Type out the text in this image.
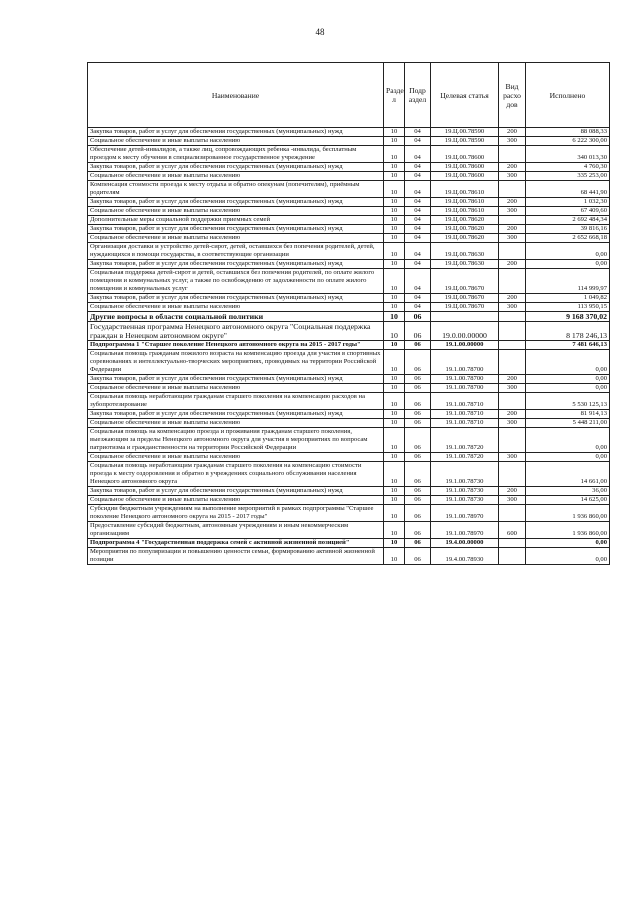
48
Наименование	Разде л	Подр аздел	Целевая статья	Вид расхо дов	Исполнено
Закупка товаров, работ и услуг для обеспечения государственных (муниципальных) нужд	10	04	19.Ц.00.78590	200	88 088,33
Социальное обеспечение и иные выплаты населению	10	04	19.Ц.00.78590	300	6 222 300,00
Обеспечение детей-инвалидов, а также лиц, сопровождающих ребенка -инвалида, бесплатным проездом к месту обучения в специализированное государственное учреждение	10	04	19.Ц.00.78600		340 013,30
Закупка товаров, работ и услуг для обеспечения государственных (муниципальных) нужд	10	04	19.Ц.00.78600	200	4 760,30
Социальное обеспечение и иные выплаты населению	10	04	19.Ц.00.78600	300	335 253,00
Компенсация стоимости проезда к месту отдыха и обратно опекунам (попечителям), приёмным родителям	10	04	19.Ц.00.78610		68 441,90
Закупка товаров, работ и услуг для обеспечения государственных (муниципальных) нужд	10	04	19.Ц.00.78610	200	1 032,30
Социальное обеспечение и иные выплаты населению	10	04	19.Ц.00.78610	300	67 409,60
Дополнительные меры социальной поддержки приемных семей	10	04	19.Ц.00.78620		2 692 484,34
Закупка товаров, работ и услуг для обеспечения государственных (муниципальных) нужд	10	04	19.Ц.00.78620	200	39 816,16
Социальное обеспечение и иные выплаты населению	10	04	19.Ц.00.78620	300	2 652 668,18
Организация доставки и устройство детей-сирот, детей, оставшихся без попечения родителей, детей, нуждающихся в помощи государства, в соответствующие организации	10	04	19.Ц.00.78630		0,00
Закупка товаров, работ и услуг для обеспечения государственных (муниципальных) нужд	10	04	19.Ц.00.78630	200	0,00
Социальная поддержка детей-сирот и детей, оставшихся без попечения родителей, по оплате жилого помещения и коммунальных услуг, а также по освобождению от задолженности по оплате жилого помещения и коммунальных услуг	10	04	19.Ц.00.78670		114 999,97
Закупка товаров, работ и услуг для обеспечения государственных (муниципальных) нужд	10	04	19.Ц.00.78670	200	1 049,82
Социальное обеспечение и иные выплаты населению	10	04	19.Ц.00.78670	300	113 950,15
Другие вопросы в области социальной политики	10	06			9 168 370,02
Государственная программа Ненецкого автономного округа "Социальная поддержка граждан в Ненецком автономном округе"	10	06	19.0.00.00000		8 178 246,13
Подпрограмма 1 "Старшее поколение Ненецкого автономного округа на 2015 - 2017 годы"	10	06	19.1.00.00000		7 481 646,13
Социальная помощь гражданам пожилого возраста на компенсацию проезда для участия в спортивных соревнованиях и интеллектуально-творческих мероприятиях, проводимых на территории Российской Федерации	10	06	19.1.00.78700		0,00
Закупка товаров, работ и услуг для обеспечения государственных (муниципальных) нужд	10	06	19.1.00.78700	200	0,00
Социальное обеспечение и иные выплаты населению	10	06	19.1.00.78700	300	0,00
Социальная помощь неработающим гражданам старшего поколения на компенсацию расходов на зубопротезирование	10	06	19.1.00.78710		5 530 125,13
Закупка товаров, работ и услуг для обеспечения государственных (муниципальных) нужд	10	06	19.1.00.78710	200	81 914,13
Социальное обеспечение и иные выплаты населению	10	06	19.1.00.78710	300	5 448 211,00
Социальная помощь на компенсацию проезда и проживания гражданам старшего поколения, выезжающим за пределы Ненецкого автономного округа для участия в мероприятиях по вопросам патриотизма и гражданственности на территории Российской Федерации	10	06	19.1.00.78720		0,00
Социальное обеспечение и иные выплаты населению	10	06	19.1.00.78720	300	0,00
Социальная помощь неработающим гражданам старшего поколения на компенсацию стоимости проезда к месту оздоровления и обратно в учреждениях социального обслуживания населения Ненецкого автономного округа	10	06	19.1.00.78730		14 661,00
Закупка товаров, работ и услуг для обеспечения государственных (муниципальных) нужд	10	06	19.1.00.78730	200	36,00
Социальное обеспечение и иные выплаты населению	10	06	19.1.00.78730	300	14 625,00
Субсидии бюджетным учреждениям на выполнение мероприятий в рамках подпрограммы "Старшее поколение Ненецкого автономного округа на 2015 - 2017 годы"	10	06	19.1.00.78970		1 936 860,00
Предоставление субсидий бюджетным, автономным учреждениям и иным некоммерческим организациям	10	06	19.1.00.78970	600	1 936 860,00
Подпрограмма 4 "Государственная поддержка семей с активной жизненной позицией"	10	06	19.4.00.00000		0,00
Мероприятия по популяризации и повышению ценности семьи, формированию активной жизненной позиции	10	06	19.4.00.78930		0,00
